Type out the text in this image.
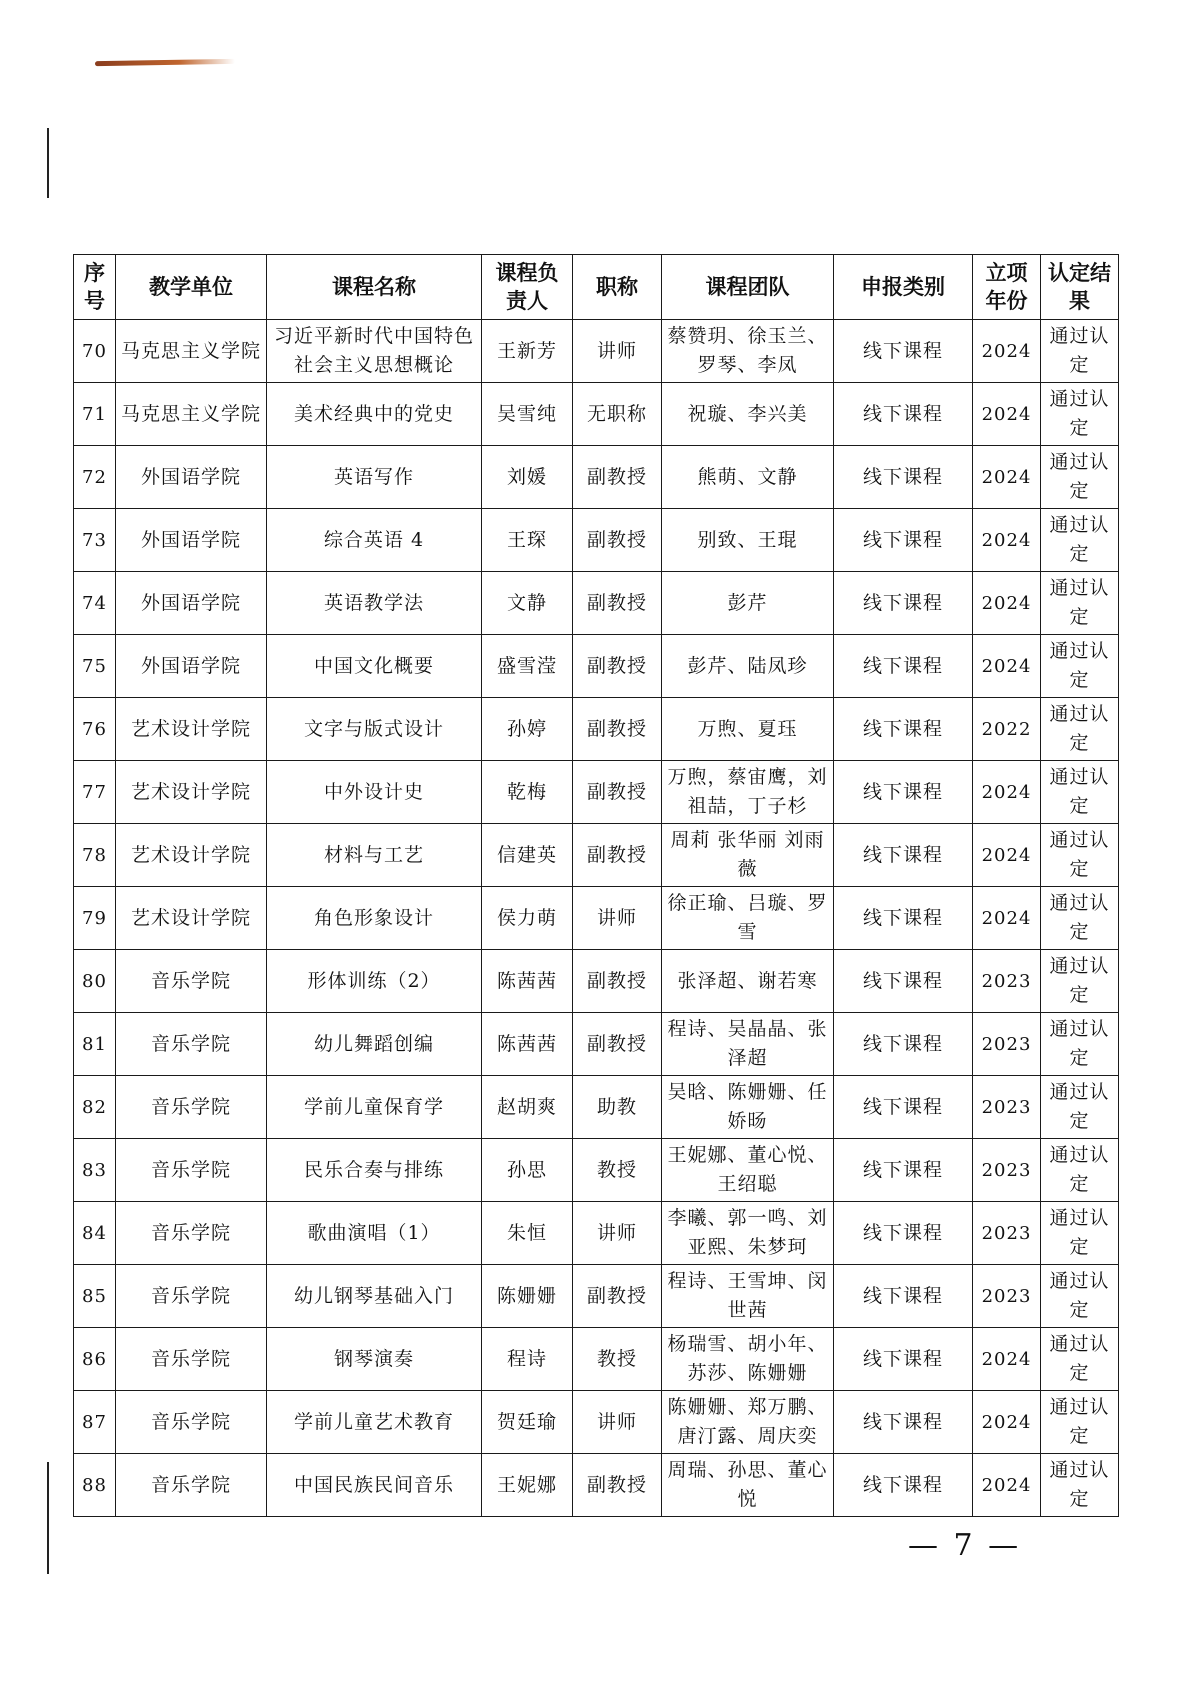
序号	教学单位	课程名称	课程负责人	职称	课程团队	申报类别	立项年份	认定结果
70	马克思主义学院	习近平新时代中国特色社会主义思想概论	王新芳	讲师	蔡赞玥、徐玉兰、罗琴、李凤	线下课程	2024	通过认定
71	马克思主义学院	美术经典中的党史	吴雪纯	无职称	祝璇、李兴美	线下课程	2024	通过认定
72	外国语学院	英语写作	刘媛	副教授	熊萌、文静	线下课程	2024	通过认定
73	外国语学院	综合英语 4	王琛	副教授	别致、王琨	线下课程	2024	通过认定
74	外国语学院	英语教学法	文静	副教授	彭芹	线下课程	2024	通过认定
75	外国语学院	中国文化概要	盛雪滢	副教授	彭芹、陆凤珍	线下课程	2024	通过认定
76	艺术设计学院	文字与版式设计	孙婷	副教授	万煦、夏珏	线下课程	2022	通过认定
77	艺术设计学院	中外设计史	乾梅	副教授	万煦，蔡宙鹰，刘祖喆，丁子杉	线下课程	2024	通过认定
78	艺术设计学院	材料与工艺	信建英	副教授	周莉 张华丽 刘雨薇	线下课程	2024	通过认定
79	艺术设计学院	角色形象设计	侯力萌	讲师	徐正瑜、吕璇、罗雪	线下课程	2024	通过认定
80	音乐学院	形体训练（2）	陈茜茜	副教授	张泽超、谢若寒	线下课程	2023	通过认定
81	音乐学院	幼儿舞蹈创编	陈茜茜	副教授	程诗、吴晶晶、张泽超	线下课程	2023	通过认定
82	音乐学院	学前儿童保育学	赵胡爽	助教	吴晗、陈姗姗、任娇旸	线下课程	2023	通过认定
83	音乐学院	民乐合奏与排练	孙思	教授	王妮娜、董心悦、王绍聪	线下课程	2023	通过认定
84	音乐学院	歌曲演唱（1）	朱恒	讲师	李曦、郭一鸣、刘亚熙、朱梦珂	线下课程	2023	通过认定
85	音乐学院	幼儿钢琴基础入门	陈姗姗	副教授	程诗、王雪坤、闵世茜	线下课程	2023	通过认定
86	音乐学院	钢琴演奏	程诗	教授	杨瑞雪、胡小年、苏莎、陈姗姗	线下课程	2024	通过认定
87	音乐学院	学前儿童艺术教育	贺廷瑜	讲师	陈姗姗、郑万鹏、唐汀露、周庆奕	线下课程	2024	通过认定
88	音乐学院	中国民族民间音乐	王妮娜	副教授	周瑞、孙思、董心悦	线下课程	2024	通过认定
— 7 —
